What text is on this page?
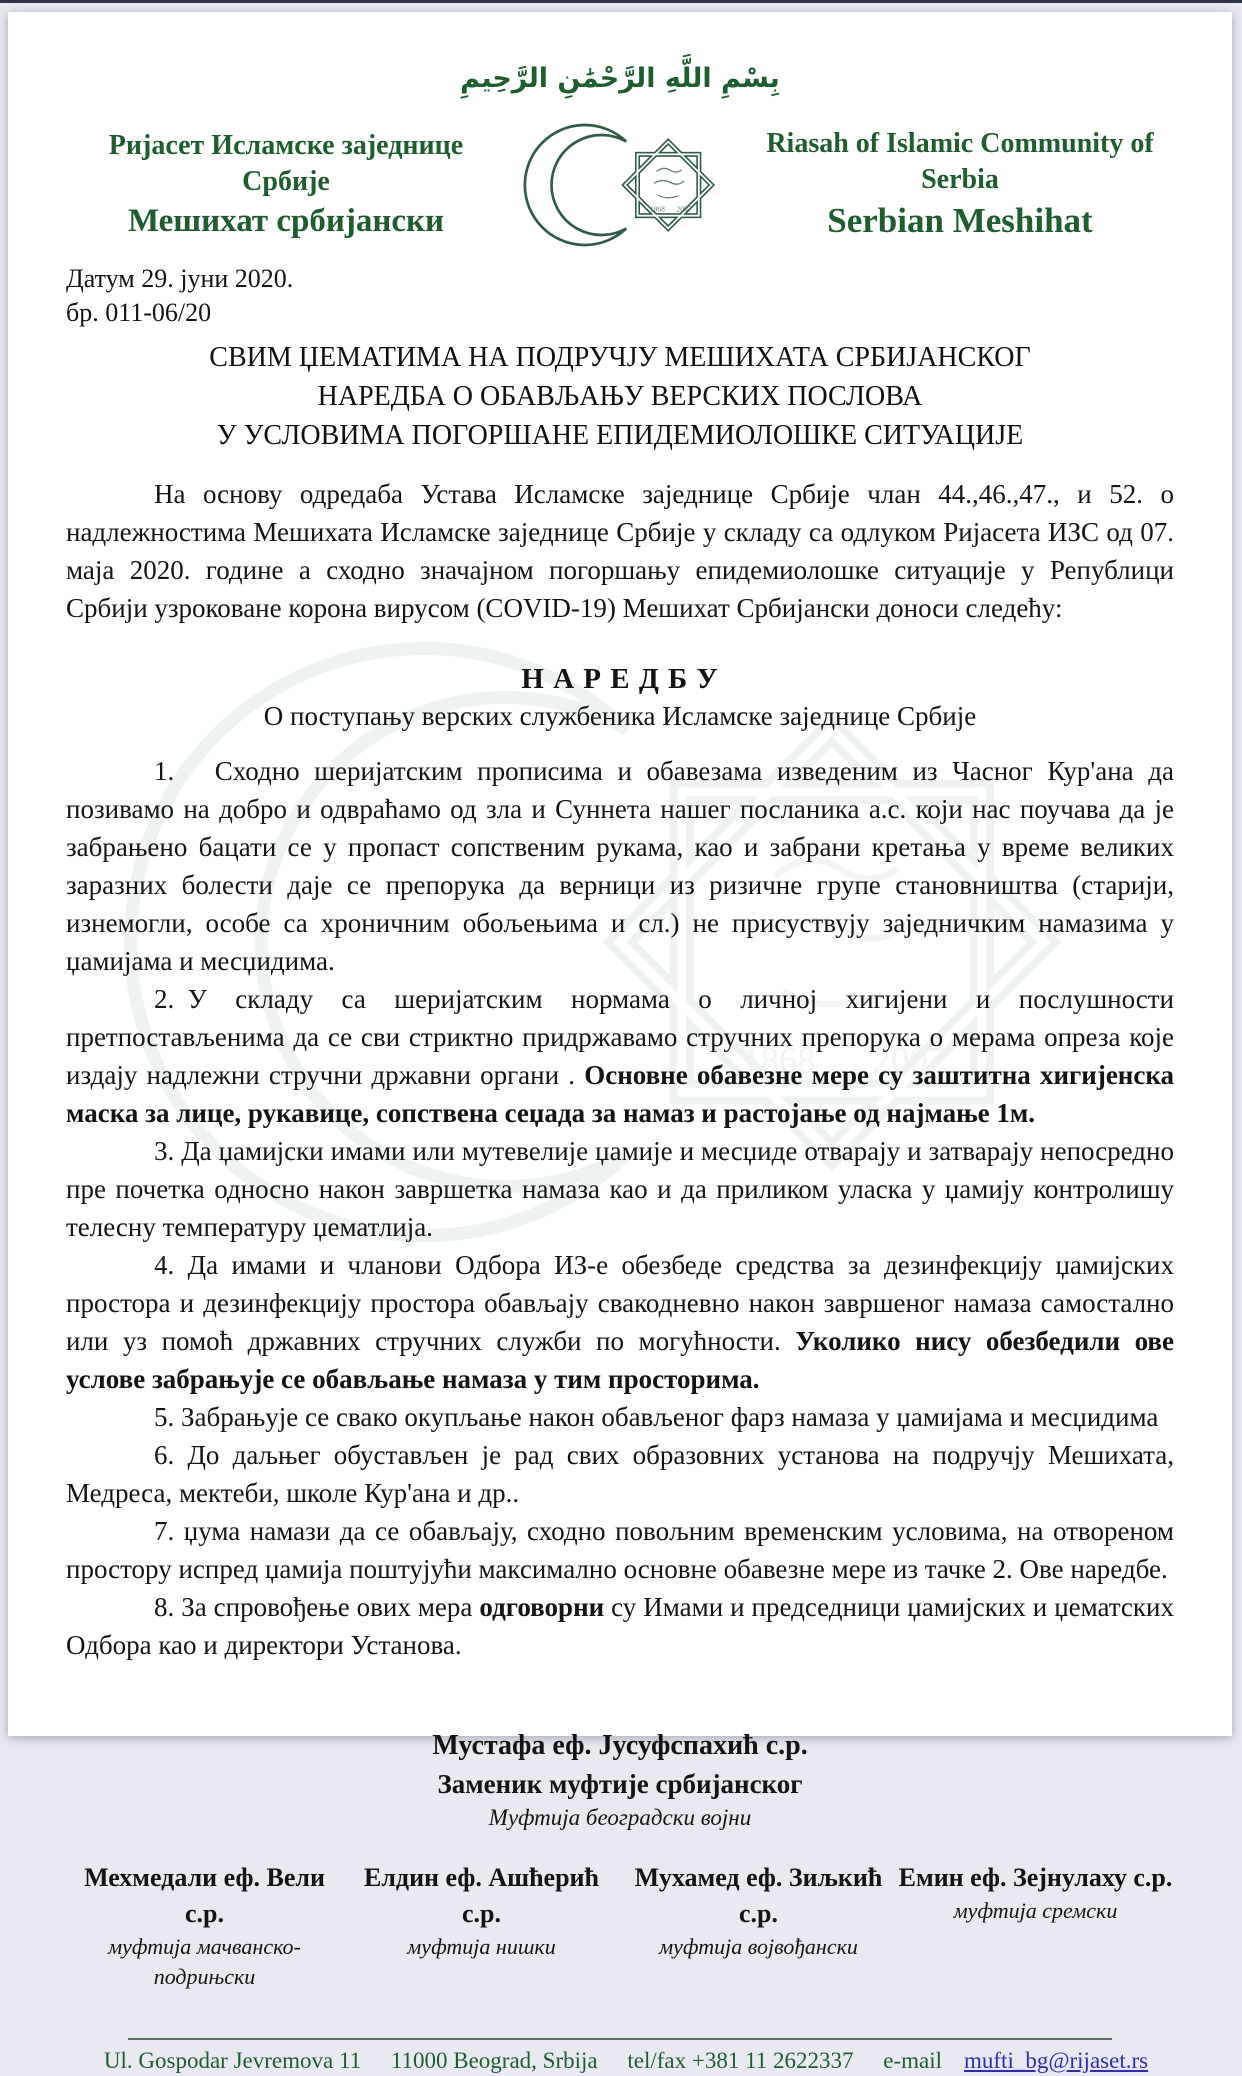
بِسْمِ اللَّهِ الرَّحْمَٰنِ الرَّحِيمِ
Ријасет Исламске заједнице Србије
Мешихат србијански
Riasah of Islamic Community of Serbia
Serbian Meshihat
Датум 29. јуни 2020.
бр. 011-06/20
СВИМ ЏЕМАТИМА НА ПОДРУЧЈУ МЕШИХАТА СРБИЈАНСКОГ
НАРЕДБА О ОБАВЉАЊУ ВЕРСКИХ ПОСЛОВА
У УСЛОВИМА ПОГОРШАНЕ ЕПИДЕМИОЛОШКЕ СИТУАЦИЈЕ

На основу одредаба Устава Исламске заједнице Србије члан 44.,46.,47., и 52. о надлежностима Мешихата Исламске заједнице Србије у складу са одлуком Ријасета ИЗС од 07. маја 2020. године а сходно значајном погоршању епидемиолошке ситуације у Републици Србији узроковане корона вирусом (COVID-19) Мешихат Србијански доноси следећу:

Н А Р Е Д Б У
О поступању верских службеника Исламске заједнице Србије

1.  Сходно шеријатским прописима и обавезама изведеним из Часног Кур'ана да позивамо на добро и одвраћамо од зла и Суннета нашег посланика а.с. који нас поучава да је забрањено бацати се у пропаст сопственим рукама, као и забрани кретања у време великих заразних болести даје се препорука да верници из ризичне групе становништва (старији, изнемогли, особе са хроничним обољењима и сл.) не присуствују заједничким намазима у џамијама и месџидима.

2. У складу са шеријатским нормама о личној хигијени и послушности претпостављенима да се сви стриктно придржавамо стручних препорука о мерама опреза које издају надлежни стручни државни органи . Основне обавезне мере су заштитна хигијенска маска за лице, рукавице, сопствена сеџада за намаз и растојање од најмање 1м.

3. Да џамијски имами или мутевелије џамије и месџиде отварају и затварају непосредно пре почетка односно након завршетка намаза као и да приликом уласка у џамију контролишу телесну температуру џематлија.

4. Да имами и чланови Одбора ИЗ-е обезбеде средства за дезинфекцију џамијских простора и дезинфекцију простора обављају свакодневно након завршеног намаза самостално или уз помоћ државних стручних служби по могућности. Уколико нису обезбедили ове услове забрањује се обављање намаза у тим просторима.

5. Забрањује се свако окупљање након обављеног фарз намаза у џамијама и месџидима

6. До даљњег обустављен је рад свих образовних установа на подручју Мешихата, Медреса, мектеби, школе Кур'ана и др..

7. џума намази да се обављају, сходно повољним временским условима, на отвореном простору испред џамија поштујући максимално основне обавезне мере из тачке 2. Ове наредбе.

8. За спровођење ових мера одговорни су Имами и председници џамијских и џематских Одбора као и директори Установа.

Мустафа еф. Јусуфспахић с.р.
Заменик муфтије србијанског
Муфтија београдски војни
Мехмедали еф. Вели с.р.
муфтија мачванско-подрињски
Елдин еф. Ашћерић с.р.
муфтија нишки
Мухамед еф. Зиљкић с.р.
муфтија војвођански
Емин еф. Зејнулаху с.р.
муфтија сремски
Ul. Gospodar Jevremova 11 11000 Beograd, Srbija tel/fax +381 11 2622337 e-mail mufti_bg@rijaset.rs
